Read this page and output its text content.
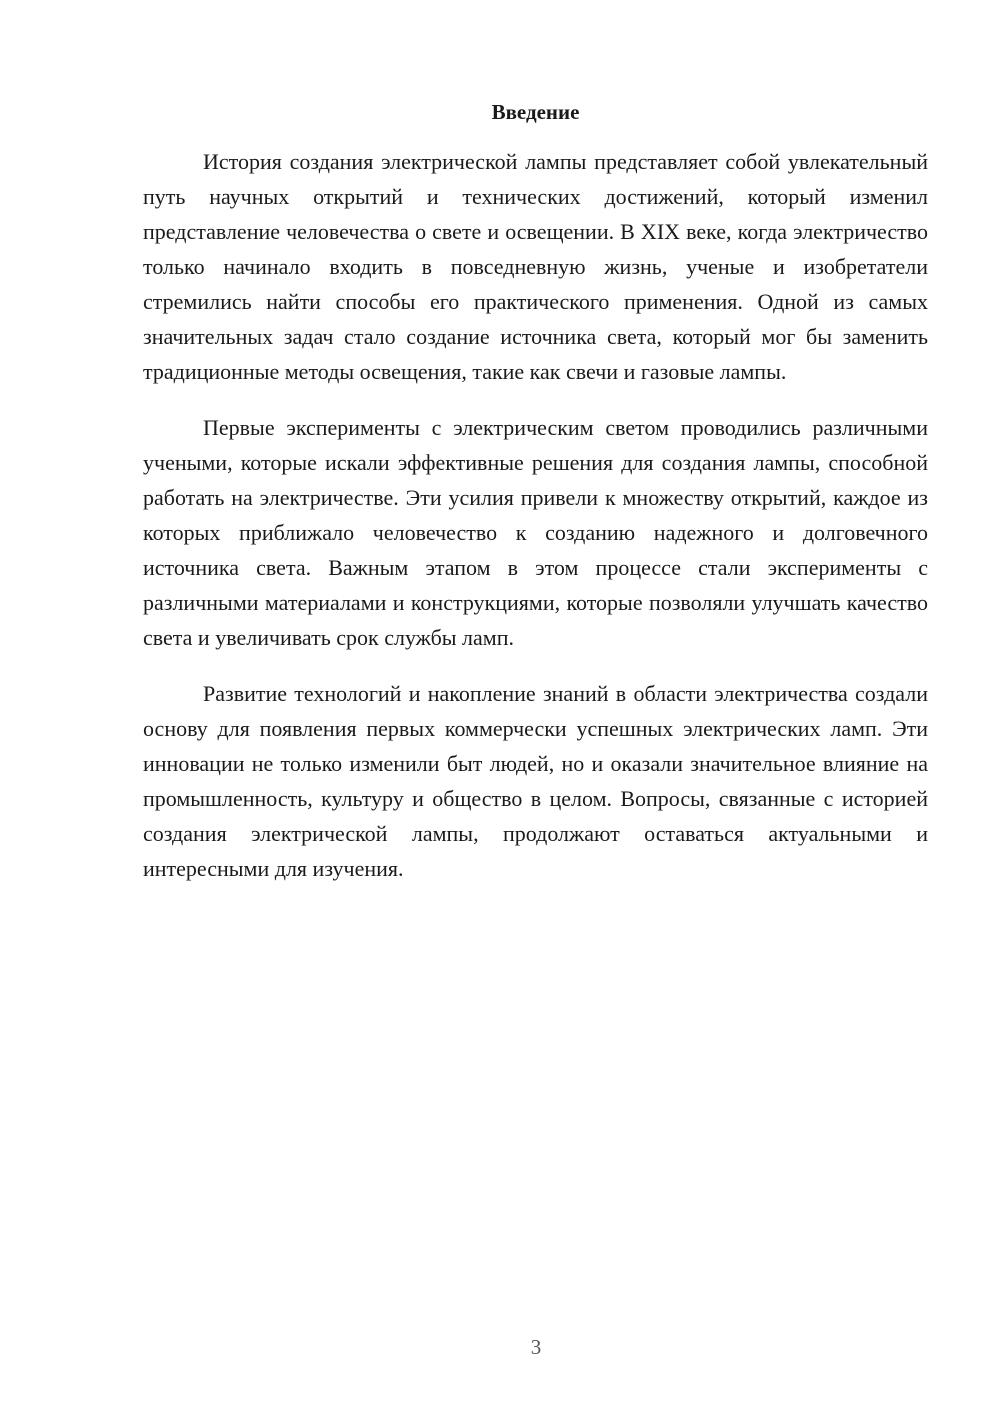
Введение

История создания электрической лампы представляет собой увлекательный путь научных открытий и технических достижений, который изменил представление человечества о свете и освещении. В XIX веке, когда электричество только начинало входить в повседневную жизнь, ученые и изобретатели стремились найти способы его практического применения. Одной из самых значительных задач стало создание источника света, который мог бы заменить традиционные методы освещения, такие как свечи и газовые лампы.

Первые эксперименты с электрическим светом проводились различными учеными, которые искали эффективные решения для создания лампы, способной работать на электричестве. Эти усилия привели к множеству открытий, каждое из которых приближало человечество к созданию надежного и долговечного источника света. Важным этапом в этом процессе стали эксперименты с различными материалами и конструкциями, которые позволяли улучшать качество света и увеличивать срок службы ламп.

Развитие технологий и накопление знаний в области электричества создали основу для появления первых коммерчески успешных электрических ламп. Эти инновации не только изменили быт людей, но и оказали значительное влияние на промышленность, культуру и общество в целом. Вопросы, связанные с историей создания электрической лампы, продолжают оставаться актуальными и интересными для изучения.

3
